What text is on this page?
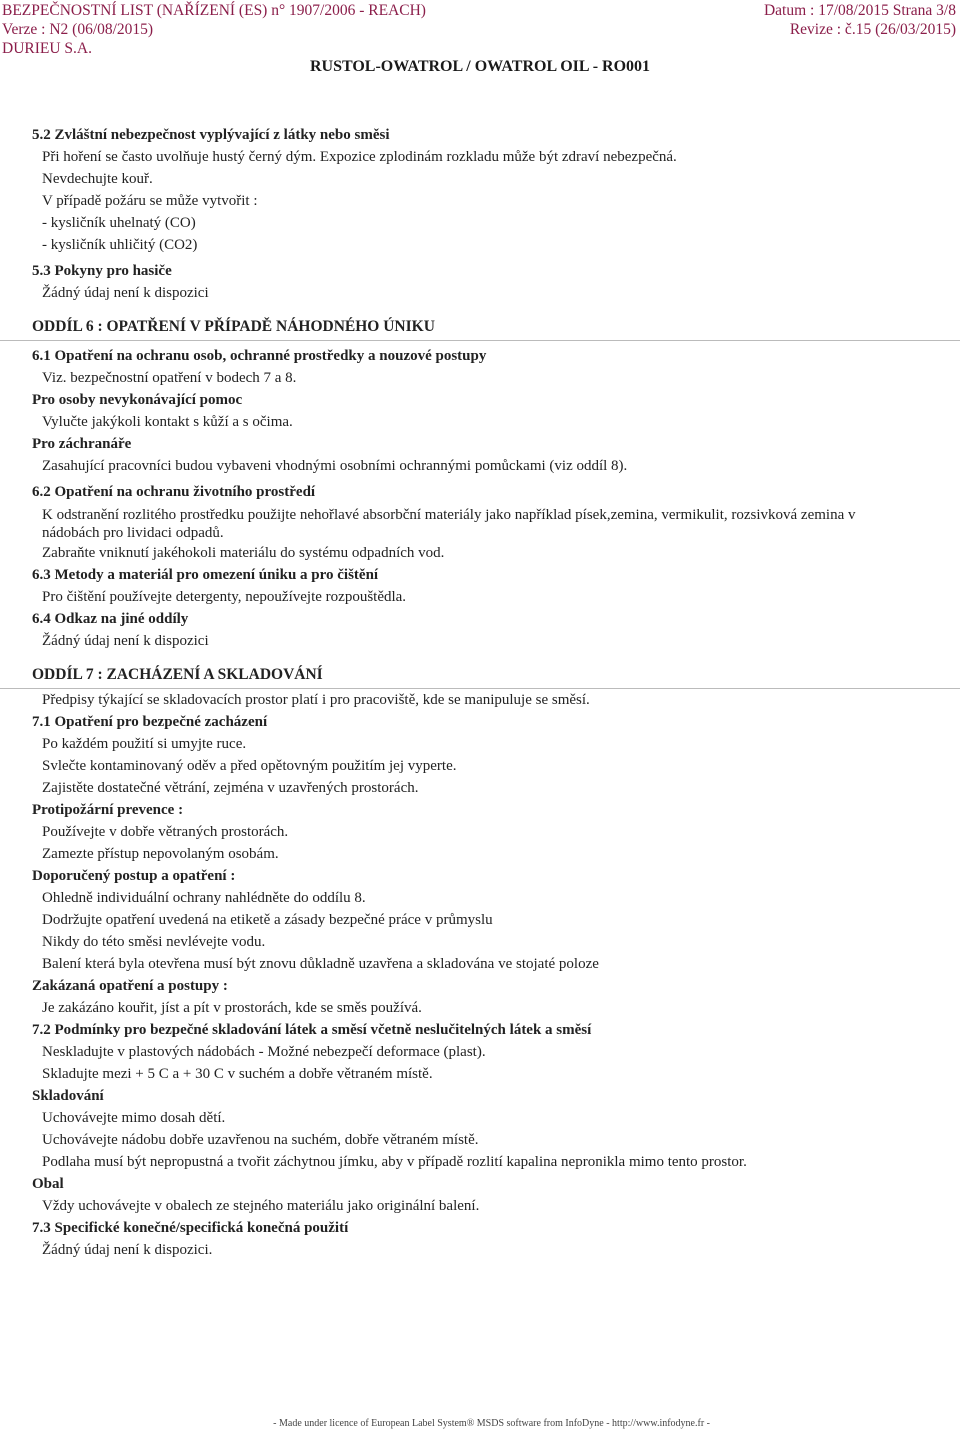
BEZPEČNOSTNÍ LIST (NAŘÍZENÍ (ES) n° 1907/2006 - REACH)
Verze : N2 (06/08/2015)
DURIEU S.A.
Datum : 17/08/2015 Strana 3/8
Revize : č.15 (26/03/2015)
RUSTOL-OWATROL / OWATROL OIL - RO001
5.2 Zvláštní nebezpečnost vyplývající z látky nebo směsi
Při hoření se často uvolňuje hustý černý dým. Expozice zplodinám rozkladu může být zdraví nebezpečná.
Nevdechujte kouř.
V případě požáru se může vytvořit :
- kysličník uhelnatý (CO)
- kysličník uhličitý (CO2)
5.3 Pokyny pro hasiče
Žádný údaj není k dispozici
ODDÍL 6 : OPATŘENÍ V PŘÍPADĚ NÁHODNÉHO ÚNIKU
6.1 Opatření na ochranu osob, ochranné prostředky a nouzové postupy
Viz. bezpečnostní opatření v bodech 7 a 8.
Pro osoby nevykonávající pomoc
Vylučte jakýkoli kontakt s kůží a s očima.
Pro záchranáře
Zasahující pracovníci budou vybaveni vhodnými osobními ochrannými pomůckami (viz oddíl 8).
6.2 Opatření na ochranu životního prostředí
K odstranění rozlitého prostředku použijte nehořlavé absorbční materiály jako například písek,zemina, vermikulit, rozsivková zemina v
nádobách pro lividaci odpadů.
Zabraňte vniknutí jakéhokoli materiálu do systému odpadních vod.
6.3 Metody a materiál pro omezení úniku a pro čištění
Pro čištění používejte detergenty, nepoužívejte rozpouštědla.
6.4 Odkaz na jiné oddíly
Žádný údaj není k dispozici
ODDÍL 7 : ZACHÁZENÍ A SKLADOVÁNÍ
Předpisy týkající se skladovacích prostor platí i pro pracoviště, kde se manipuluje se směsí.
7.1 Opatření pro bezpečné zacházení
Po každém použití si umyjte ruce.
Svlečte kontaminovaný oděv a před opětovným použitím jej vyperte.
Zajistěte dostatečné větrání, zejména v uzavřených prostorách.
Protipožární prevence :
Používejte v dobře větraných prostorách.
Zamezte přístup nepovolaným osobám.
Doporučený postup a opatření :
Ohledně individuální ochrany nahlédněte do oddílu 8.
Dodržujte opatření uvedená na etiketě a zásady bezpečné práce v průmyslu
Nikdy do této směsi nevlévejte vodu.
Balení která byla otevřena musí být znovu důkladně uzavřena a skladována ve stojaté poloze
Zakázaná opatření a postupy :
Je zakázáno kouřit, jíst a pít v prostorách, kde se směs používá.
7.2 Podmínky pro bezpečné skladování látek a směsí včetně neslučitelných látek a směsí
Neskladujte v plastových nádobách - Možné nebezpečí deformace (plast).
Skladujte mezi + 5 C a + 30 C v suchém a dobře větraném místě.
Skladování
Uchovávejte mimo dosah dětí.
Uchovávejte nádobu dobře uzavřenou na suchém, dobře větraném místě.
Podlaha musí být nepropustná a tvořit záchytnou jímku, aby v případě rozlití kapalina nepronikla mimo tento prostor.
Obal
Vždy uchovávejte v obalech ze stejného materiálu jako originální balení.
7.3 Specifické konečné/specifická konečná použití
Žádný údaj není k dispozici.
- Made under licence of European Label System® MSDS software from InfoDyne - http://www.infodyne.fr -
